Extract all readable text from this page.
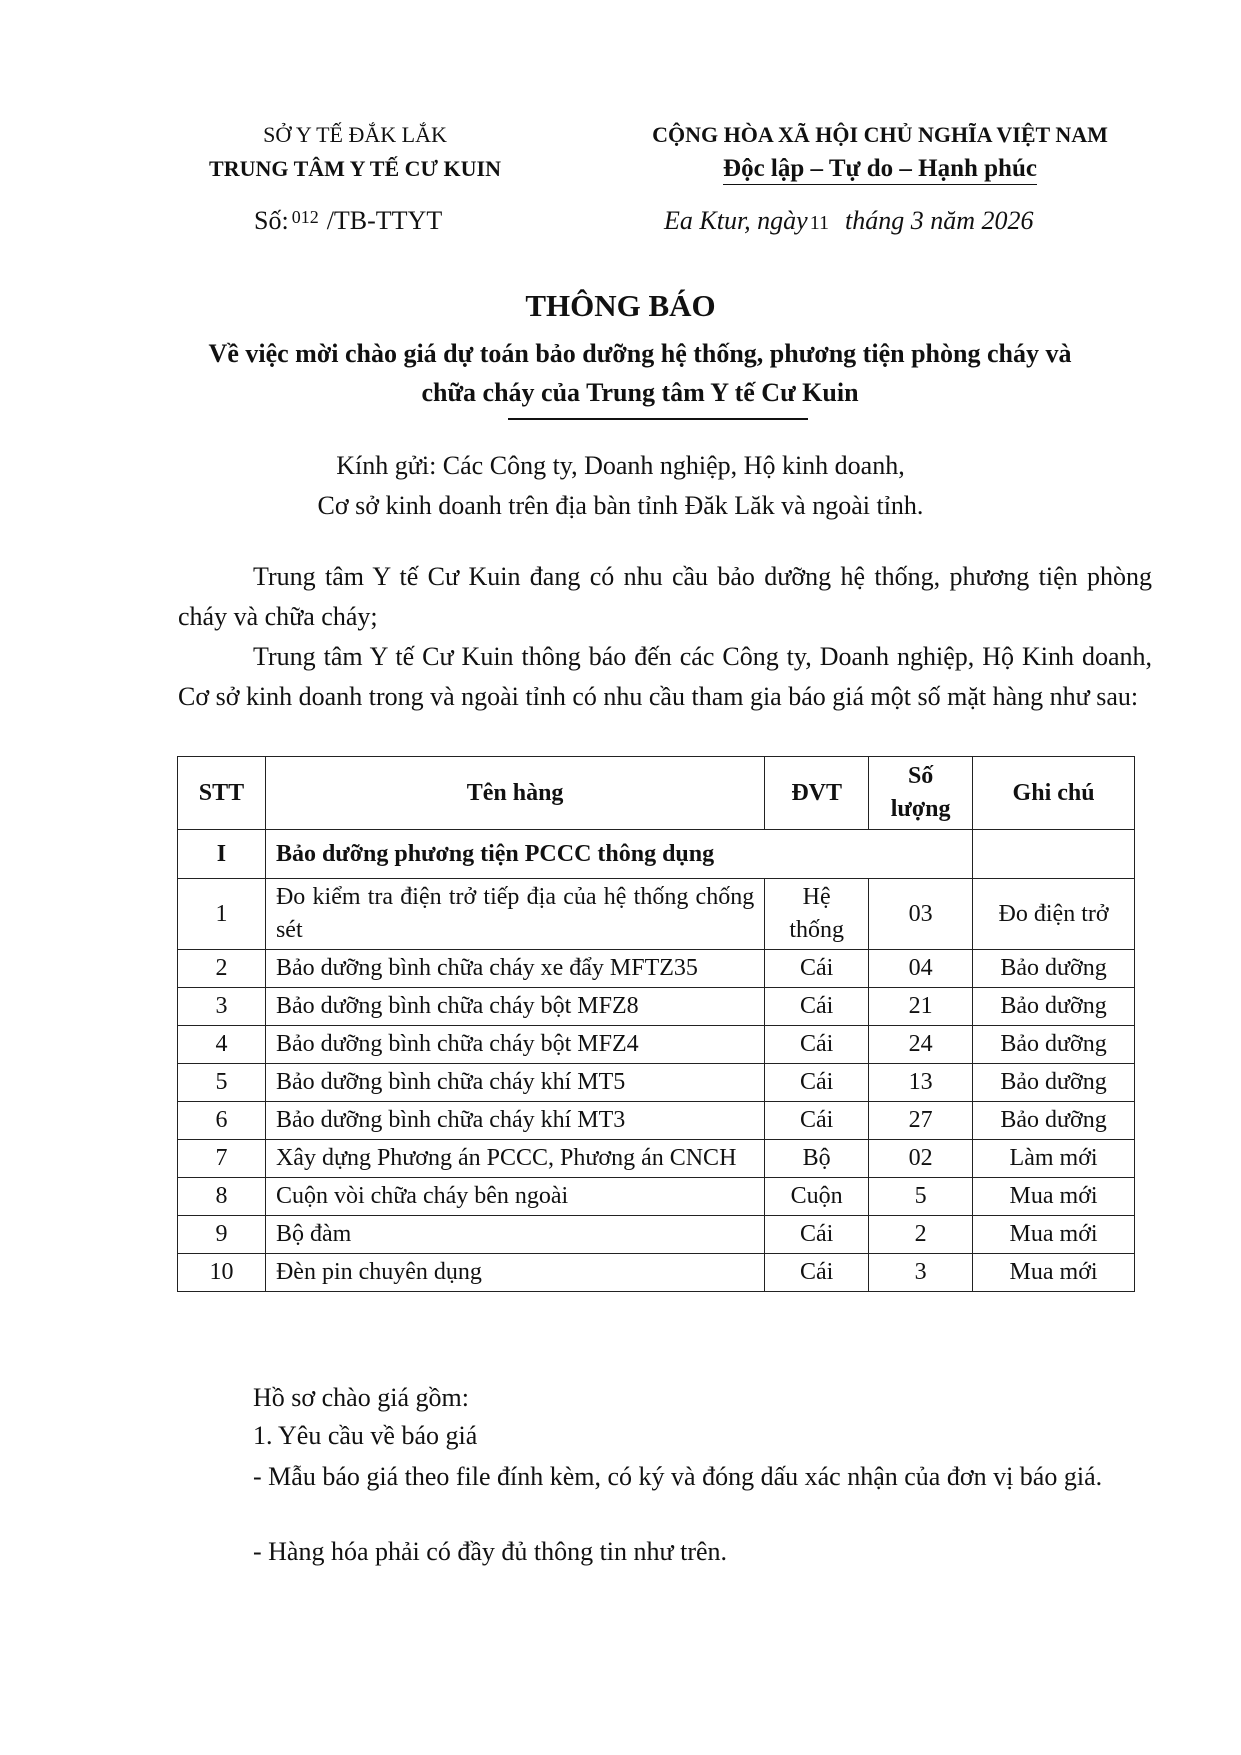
SỞ Y TẾ ĐẮK LẮK
TRUNG TÂM Y TẾ CƯ KUIN
CỘNG HÒA XÃ HỘI CHỦ NGHĨA VIỆT NAM
Độc lập – Tự do – Hạnh phúc
Số: $^{012}$ /TB-TTYT	Ea Ktur, ngày 11 tháng 3 năm 2026
THÔNG BÁO
Về việc mời chào giá dự toán bảo dưỡng hệ thống, phương tiện phòng cháy và
chữa cháy của Trung tâm Y tế Cư Kuin
Kính gửi: Các Công ty, Doanh nghiệp, Hộ kinh doanh,
Cơ sở kinh doanh trên địa bàn tỉnh Đăk Lăk và ngoài tỉnh.
Trung tâm Y tế Cư Kuin đang có nhu cầu bảo dưỡng hệ thống, phương tiện phòng cháy và chữa cháy;
Trung tâm Y tế Cư Kuin thông báo đến các Công ty, Doanh nghiệp, Hộ Kinh doanh, Cơ sở kinh doanh trong và ngoài tỉnh có nhu cầu tham gia báo giá một số mặt hàng như sau:
STT	Tên hàng	ĐVT	Số lượng	Ghi chú
I	Bảo dưỡng phương tiện PCCC thông dụng			
1	Đo kiểm tra điện trở tiếp địa của hệ thống chống sét	Hệ thống	03	Đo điện trở
2	Bảo dưỡng bình chữa cháy xe đẩy MFTZ35	Cái	04	Bảo dưỡng
3	Bảo dưỡng bình chữa cháy bột MFZ8	Cái	21	Bảo dưỡng
4	Bảo dưỡng bình chữa cháy bột MFZ4	Cái	24	Bảo dưỡng
5	Bảo dưỡng bình chữa cháy khí MT5	Cái	13	Bảo dưỡng
6	Bảo dưỡng bình chữa cháy khí MT3	Cái	27	Bảo dưỡng
7	Xây dựng Phương án PCCC, Phương án CNCH	Bộ	02	Làm mới
8	Cuộn vòi chữa cháy bên ngoài	Cuộn	5	Mua mới
9	Bộ đàm	Cái	2	Mua mới
10	Đèn pin chuyên dụng	Cái	3	Mua mới
Hồ sơ chào giá gồm:
1. Yêu cầu về báo giá
- Mẫu báo giá theo file đính kèm, có ký và đóng dấu xác nhận của đơn vị báo giá.
- Hàng hóa phải có đầy đủ thông tin như trên.
